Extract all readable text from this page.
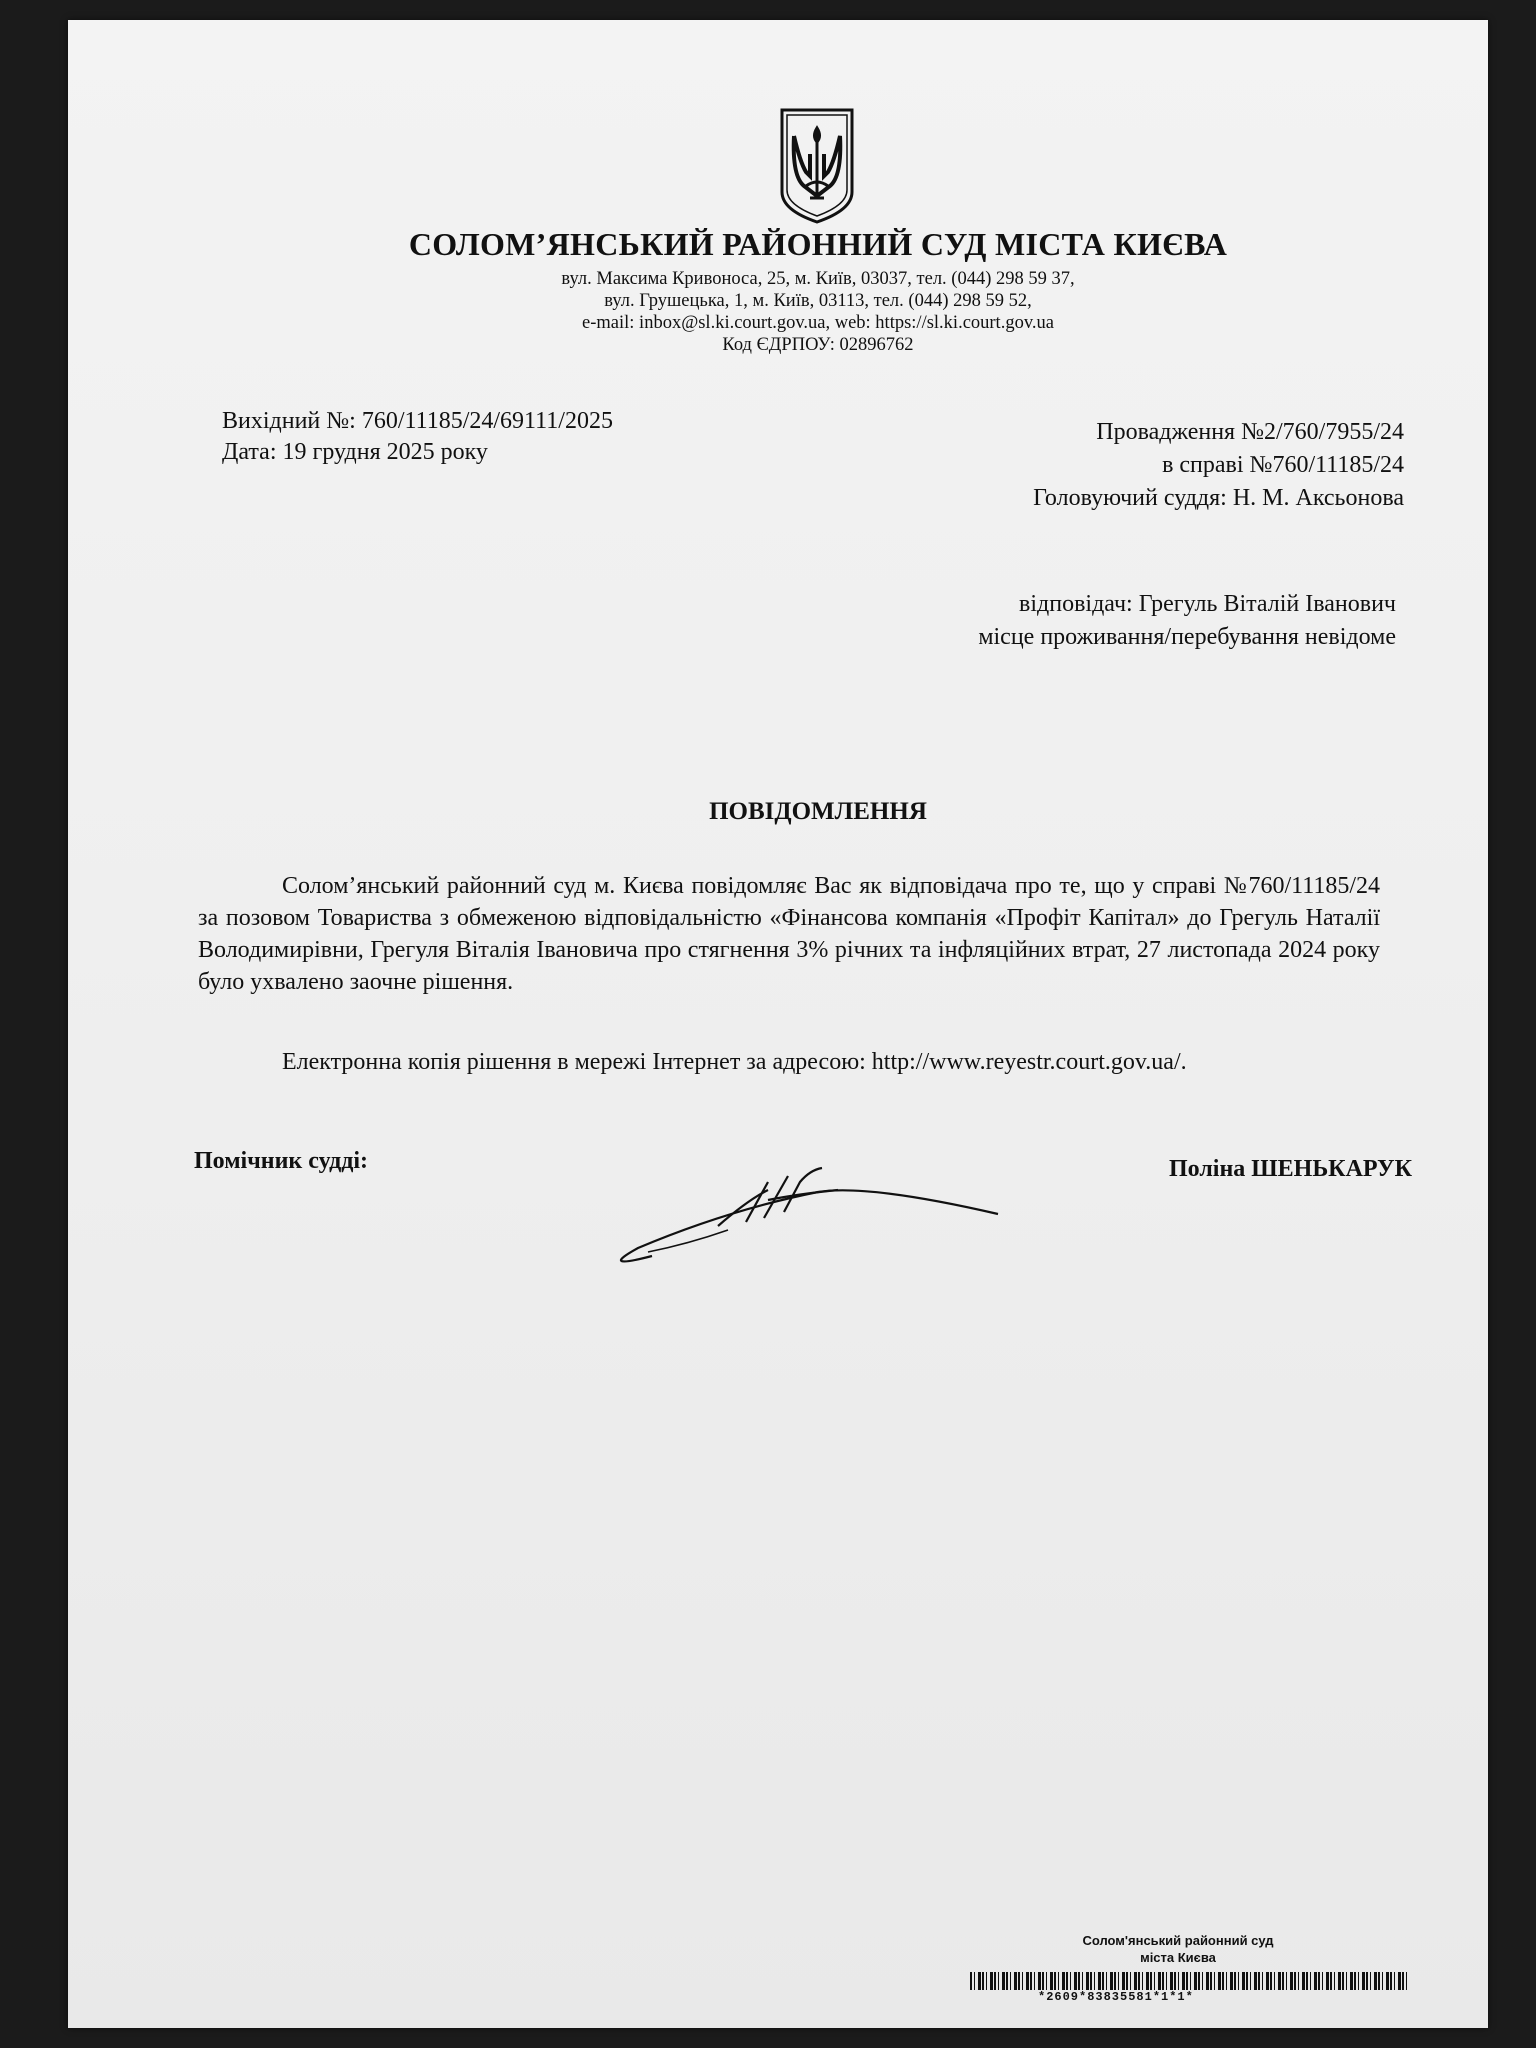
СОЛОМ’ЯНСЬКИЙ РАЙОННИЙ СУД МІСТА КИЄВА
вул. Максима Кривоноса, 25, м. Київ, 03037, тел. (044) 298 59 37,
вул. Грушецька, 1, м. Київ, 03113, тел. (044) 298 59 52,
e-mail: inbox@sl.ki.court.gov.ua, web: https://sl.ki.court.gov.ua
Код ЄДРПОУ: 02896762
Вихідний №: 760/11185/24/69111/2025
Дата: 19 грудня 2025 року
Провадження №2/760/7955/24
в справі №760/11185/24
Головуючий суддя: Н. М. Аксьонова
відповідач: Грегуль Віталій Іванович
місце проживання/перебування невідоме
ПОВІДОМЛЕННЯ
Солом’янський районний суд м. Києва повідомляє Вас як відповідача про те, що у справі №760/11185/24 за позовом Товариства з обмеженою відповідальністю «Фінансова компанія «Профіт Капітал» до Грегуль Наталії Володимирівни, Грегуля Віталія Івановича про стягнення 3% річних та інфляційних втрат, 27 листопада 2024 року було ухвалено заочне рішення.
Електронна копія рішення в мережі Інтернет за адресою: http://www.reyestr.court.gov.ua/.
Помічник судді:	Поліна ШЕНЬКАРУК
Солом'янський районний суд
міста Києва
*2609*83835581*1*1*
